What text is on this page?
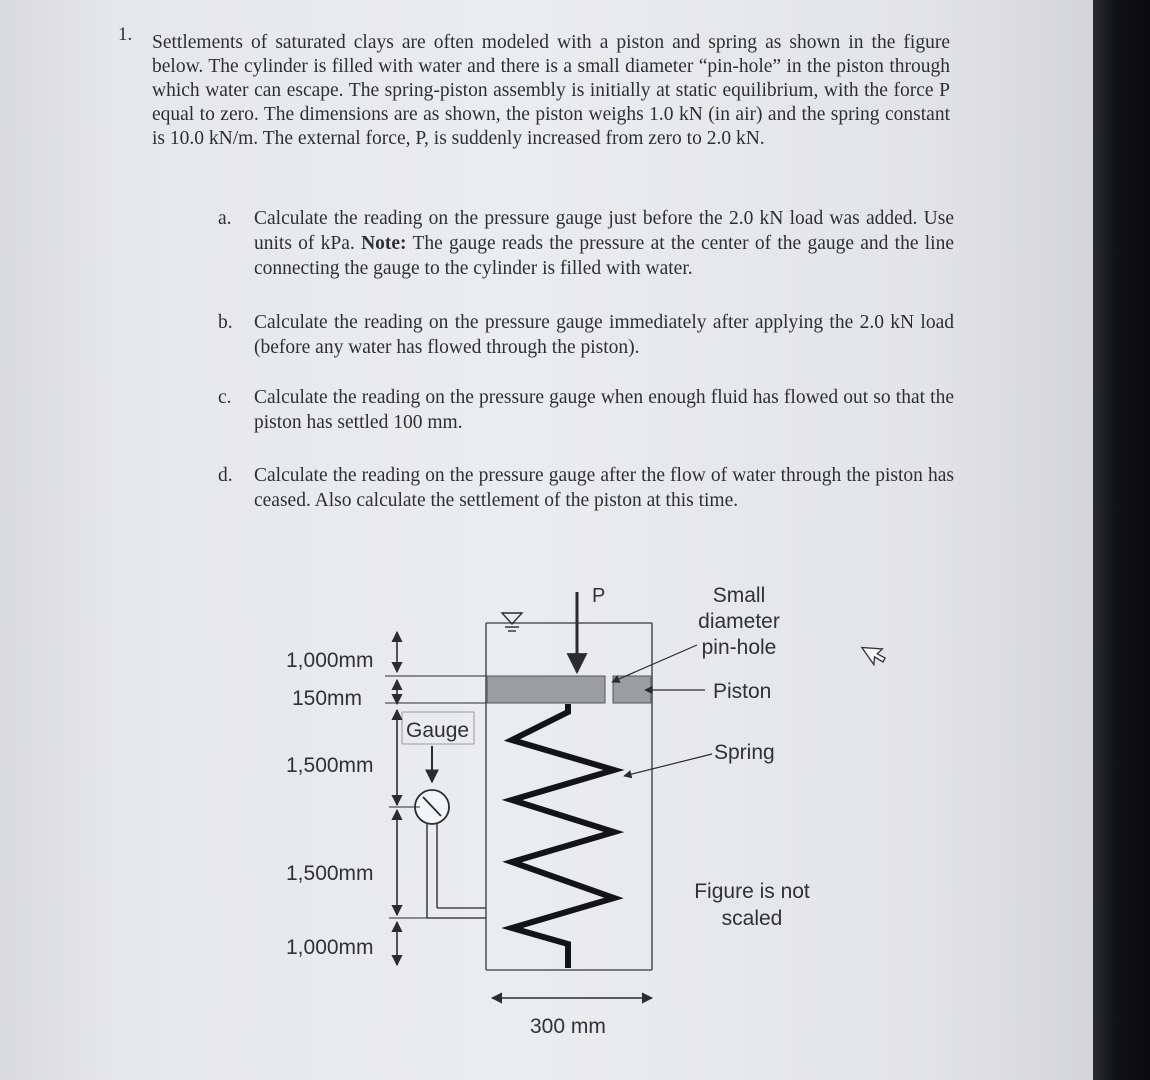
1. Settlements of saturated clays are often modeled with a piston and spring as shown in the figure below. The cylinder is filled with water and there is a small diameter “pin-hole” in the piston through which water can escape. The spring-piston assembly is initially at static equilibrium, with the force P equal to zero. The dimensions are as shown, the piston weighs 1.0 kN (in air) and the spring constant is 10.0 kN/m. The external force, P, is suddenly increased from zero to 2.0 kN.

a. Calculate the reading on the pressure gauge just before the 2.0 kN load was added. Use units of kPa. Note: The gauge reads the pressure at the center of the gauge and the line connecting the gauge to the cylinder is filled with water.

b. Calculate the reading on the pressure gauge immediately after applying the 2.0 kN load (before any water has flowed through the piston).

c. Calculate the reading on the pressure gauge when enough fluid has flowed out so that the piston has settled 100 mm.

d. Calculate the reading on the pressure gauge after the flow of water through the piston has ceased. Also calculate the settlement of the piston at this time.

P
Gauge
1,000mm
150mm
1,500mm
1,500mm
1,000mm
300 mm
Small
diameter
pin-hole
Piston
Spring
Figure is not
scaled
